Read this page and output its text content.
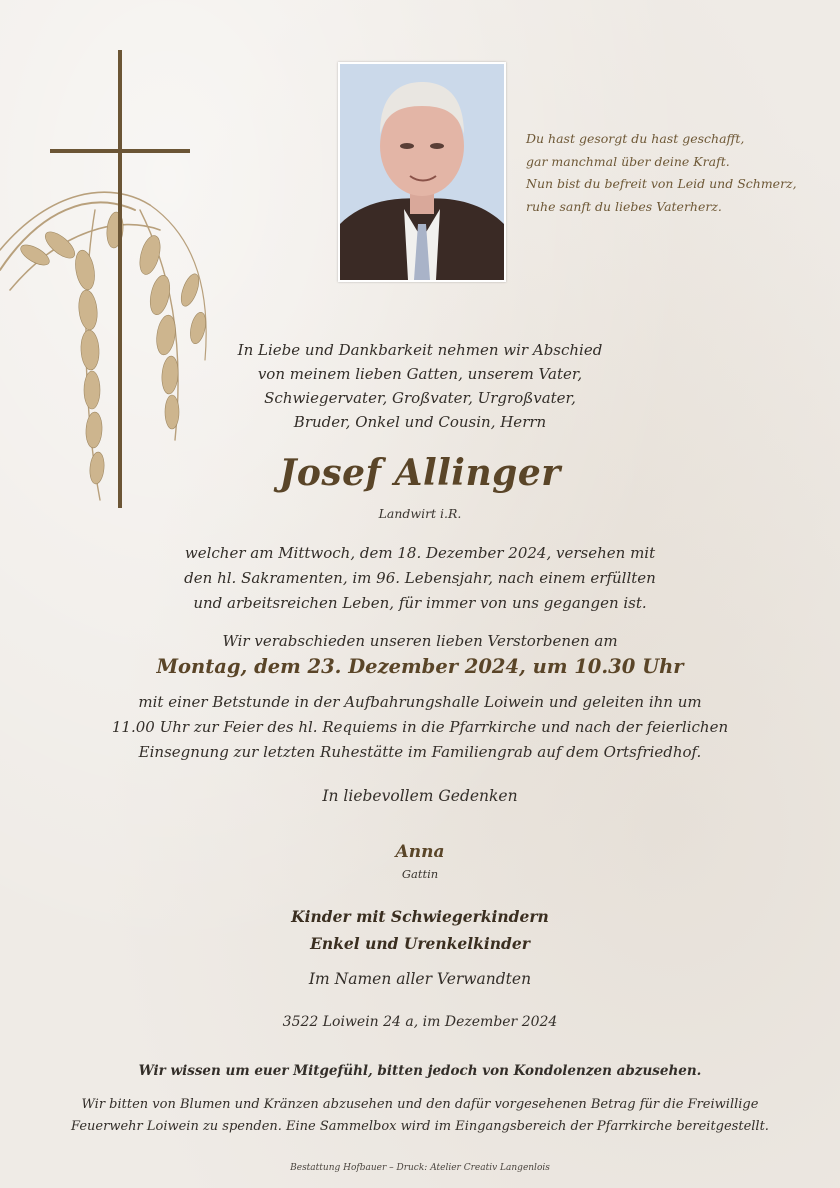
Du hast gesorgt du hast geschafft,
gar manchmal über deine Kraft.
Nun bist du befreit von Leid und Schmerz,
ruhe sanft du liebes Vaterherz.
In Liebe und Dankbarkeit nehmen wir Abschied
von meinem lieben Gatten, unserem Vater,
Schwiegervater, Großvater, Urgroßvater,
Bruder, Onkel und Cousin, Herrn
Josef Allinger
Landwirt i.R.
welcher am Mittwoch, dem 18. Dezember 2024, versehen mit
den hl. Sakramenten, im 96. Lebensjahr, nach einem erfüllten
und arbeitsreichen Leben, für immer von uns gegangen ist.
Wir verabschieden unseren lieben Verstorbenen am
Montag, dem 23. Dezember 2024, um 10.30 Uhr
mit einer Betstunde in der Aufbahrungshalle Loiwein und geleiten ihn um
11.00 Uhr zur Feier des hl. Requiems in die Pfarrkirche und nach der feierlichen
Einsegnung zur letzten Ruhestätte im Familiengrab auf dem Ortsfriedhof.
In liebevollem Gedenken
Anna
Gattin
Kinder mit Schwiegerkindern
Enkel und Urenkelkinder
Im Namen aller Verwandten
3522 Loiwein 24 a, im Dezember 2024
Wir wissen um euer Mitgefühl, bitten jedoch von Kondolenzen abzusehen.
Wir bitten von Blumen und Kränzen abzusehen und den dafür vorgesehenen Betrag für die Freiwillige
Feuerwehr Loiwein zu spenden. Eine Sammelbox wird im Eingangsbereich der Pfarrkirche bereitgestellt.
Bestattung Hofbauer – Druck: Atelier Creativ Langenlois
